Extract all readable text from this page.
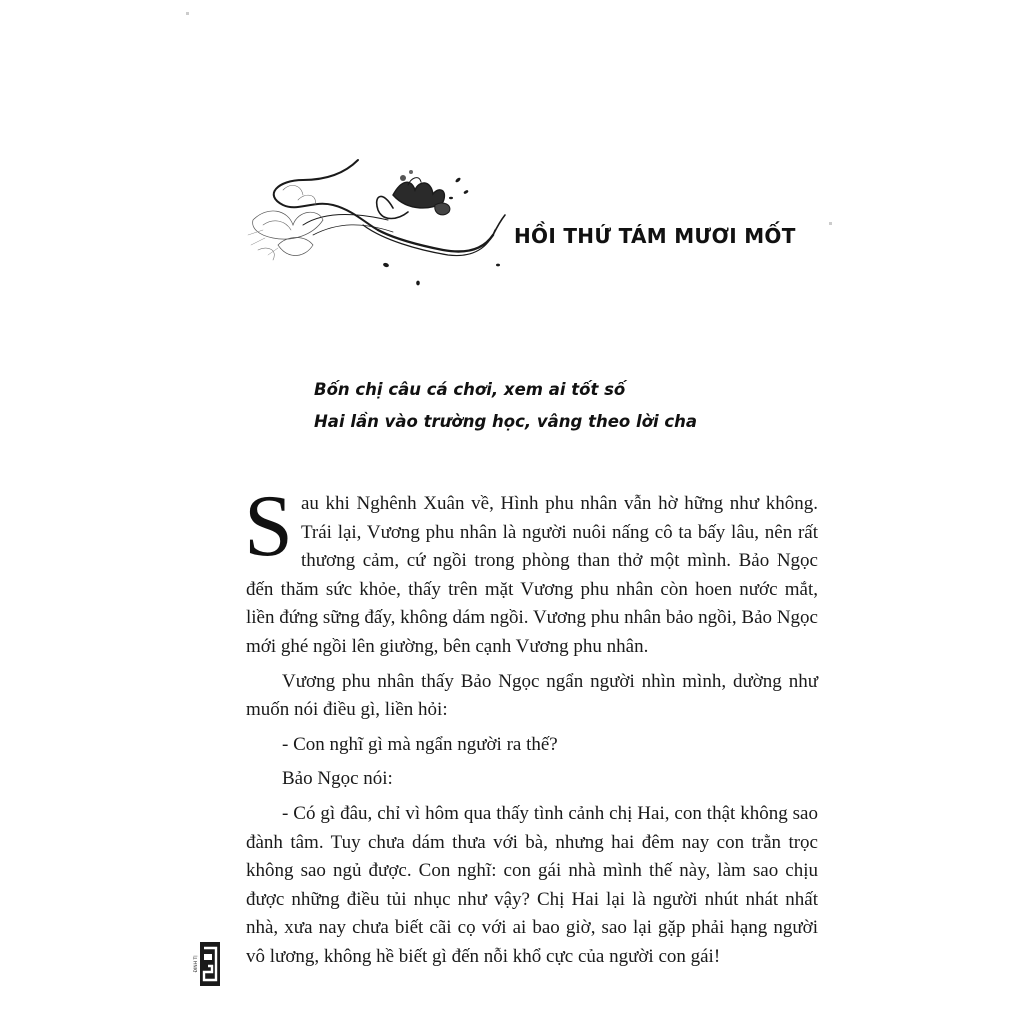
HỒI THỨ TÁM MƯƠI MỐT
Bốn chị câu cá chơi, xem ai tốt số
Hai lần vào trường học, vâng theo lời cha

Sau khi Nghênh Xuân về, Hình phu nhân vẫn hờ hững như không. Trái lại, Vương phu nhân là người nuôi nấng cô ta bấy lâu, nên rất thương cảm, cứ ngồi trong phòng than thở một mình. Bảo Ngọc đến thăm sức khỏe, thấy trên mặt Vương phu nhân còn hoen nước mắt, liền đứng sững đấy, không dám ngồi. Vương phu nhân bảo ngồi, Bảo Ngọc mới ghé ngồi lên giường, bên cạnh Vương phu nhân.

Vương phu nhân thấy Bảo Ngọc ngẩn người nhìn mình, dường như muốn nói điều gì, liền hỏi:

- Con nghĩ gì mà ngẩn người ra thế?

Bảo Ngọc nói:

- Có gì đâu, chỉ vì hôm qua thấy tình cảnh chị Hai, con thật không sao đành tâm. Tuy chưa dám thưa với bà, nhưng hai đêm nay con trằn trọc không sao ngủ được. Con nghĩ: con gái nhà mình thế này, làm sao chịu được những điều tủi nhục như vậy? Chị Hai lại là người nhút nhát nhất nhà, xưa nay chưa biết cãi cọ với ai bao giờ, sao lại gặp phải hạng người vô lương, không hề biết gì đến nỗi khổ cực của người con gái!

ĐINH TỊ
